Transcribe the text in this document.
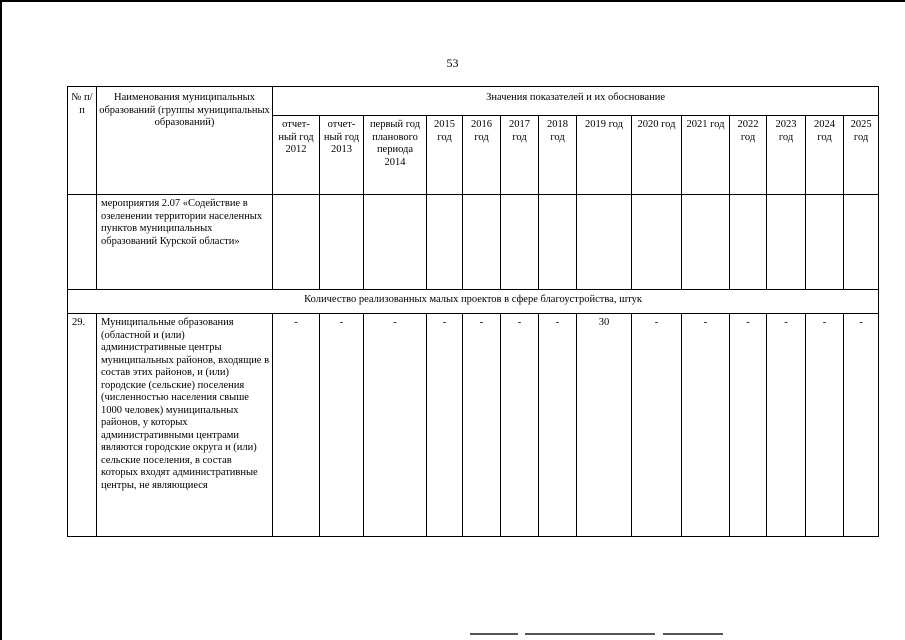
53
№ п/п	Наименования муниципальных образований (группы муниципальных образований)	Значения показателей и их обоснование													
		отчет-ный год 2012	отчет-ный год 2013	первый год планового периода 2014	2015 год	2016 год	2017 год	2018 год	2019 год	2020 год	2021 год	2022 год	2023 год	2024 год	2025 год
	мероприятия 2.07 «Содействие в озеленении территории населенных пунктов муниципальных образований Курской области»														
Количество реализованных малых проектов в сфере благоустройства, штук															
29.	Муниципальные образования (областной и (или) административные центры муниципальных районов, входящие в состав этих районов, и (или) городские (сельские) поселения (численностью населения свыше 1000 человек) муниципальных районов, у которых административными центрами являются городские округа и (или) сельские поселения, в состав которых входят административные центры, не являющиеся	-	-	-	-	-	-	-	30	-	-	-	-	-	-
